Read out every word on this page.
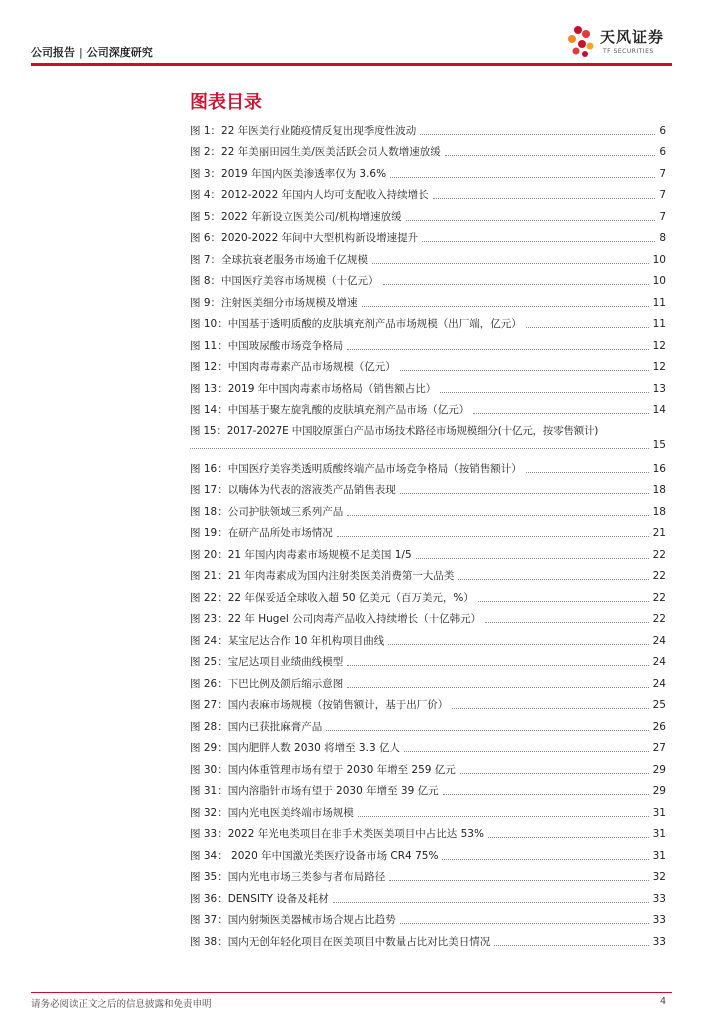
公司报告 | 公司深度研究
天风证券
TF SECURITIES
图表目录
图 1：22 年医美行业随疫情反复出现季度性波动	6
图 2：22 年美丽田园生美/医美活跃会员人数增速放缓	6
图 3：2019 年国内医美渗透率仅为 3.6%	7
图 4：2012-2022 年国内人均可支配收入持续增长	7
图 5：2022 年新设立医美公司/机构增速放缓	7
图 6：2020-2022 年间中大型机构新设增速提升	8
图 7：全球抗衰老服务市场逾千亿规模	10
图 8：中国医疗美容市场规模（十亿元）	10
图 9：注射医美细分市场规模及增速	11
图 10：中国基于透明质酸的皮肤填充剂产品市场规模（出厂端，亿元）	11
图 11：中国玻尿酸市场竞争格局	12
图 12：中国肉毒毒素产品市场规模（亿元）	12
图 13：2019 年中国肉毒素市场格局（销售额占比）	13
图 14：中国基于聚左旋乳酸的皮肤填充剂产品市场（亿元）	14
图 15：2017-2027E 中国胶原蛋白产品市场技术路径市场规模细分(十亿元，按零售额计)
15
图 16：中国医疗美容类透明质酸终端产品市场竞争格局（按销售额计）	16
图 17：以嗨体为代表的溶液类产品销售表现	18
图 18：公司护肤领域三系列产品	18
图 19：在研产品所处市场情况	21
图 20：21 年国内肉毒素市场规模不足美国 1/5	22
图 21：21 年肉毒素成为国内注射类医美消费第一大品类	22
图 22：22 年保妥适全球收入超 50 亿美元（百万美元，%）	22
图 23：22 年 Hugel 公司肉毒产品收入持续增长（十亿韩元）	22
图 24：某宝尼达合作 10 年机构项目曲线	24
图 25：宝尼达项目业绩曲线模型	24
图 26：下巴比例及颌后缩示意图	24
图 27：国内表麻市场规模（按销售额计，基于出厂价）	25
图 28：国内已获批麻膏产品	26
图 29：国内肥胖人数 2030 将增至 3.3 亿人	27
图 30：国内体重管理市场有望于 2030 年增至 259 亿元	29
图 31：国内溶脂针市场有望于 2030 年增至 39 亿元	29
图 32：国内光电医美终端市场规模	31
图 33：2022 年光电类项目在非手术类医美项目中占比达 53%	31
图 34： 2020 年中国激光类医疗设备市场 CR4 75%	31
图 35：国内光电市场三类参与者布局路径	32
图 36：DENSITY 设备及耗材	33
图 37：国内射频医美器械市场合规占比趋势	33
图 38：国内无创年轻化项目在医美项目中数量占比对比美日情况	33
请务必阅读正文之后的信息披露和免责申明	4
